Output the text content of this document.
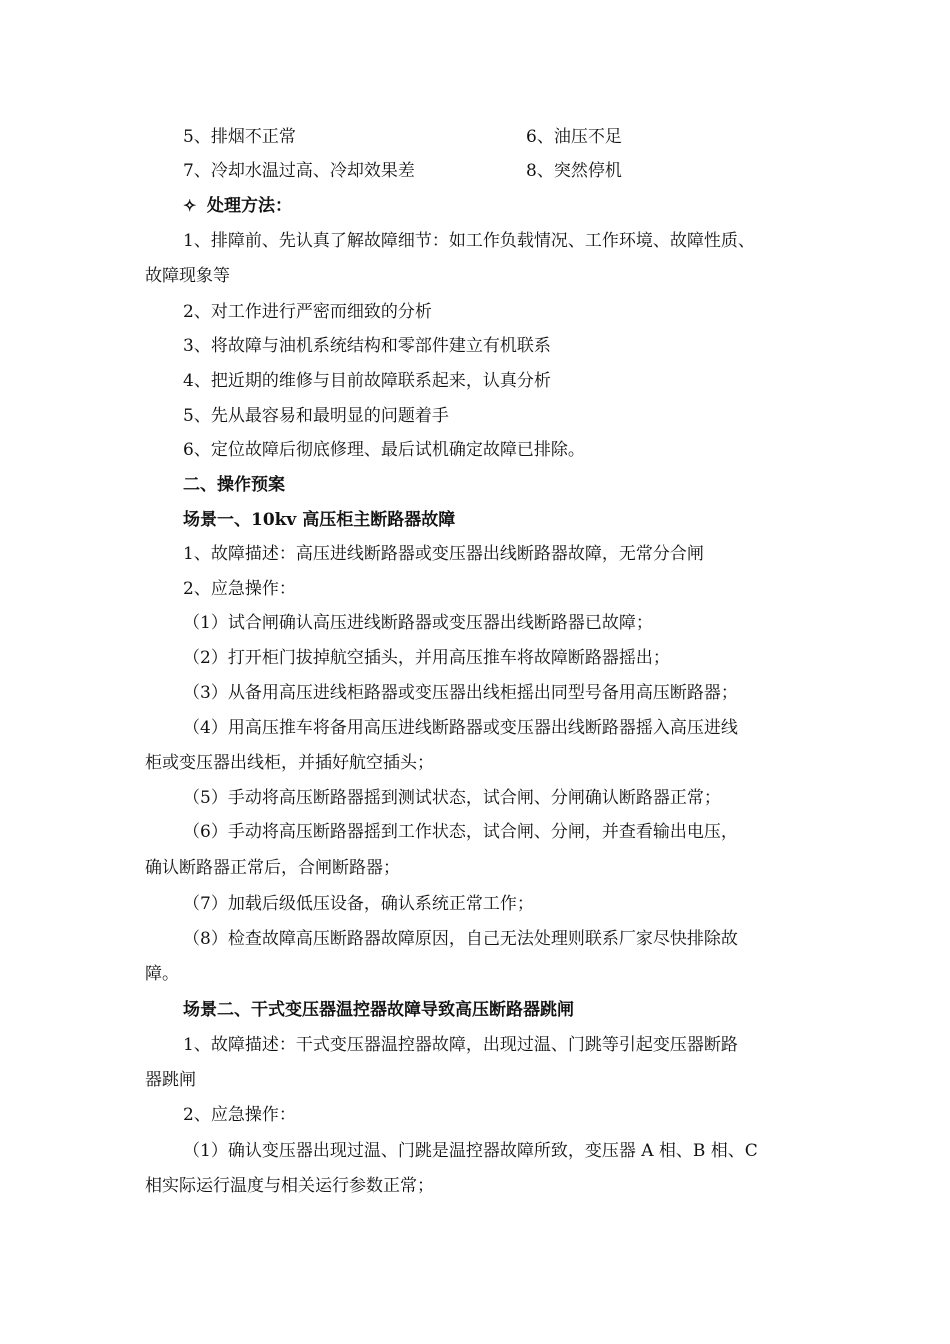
5、排烟不正常	6、油压不足
7、冷却水温过高、冷却效果差	8、突然停机
✧ 处理方法：
1、排障前、先认真了解故障细节：如工作负载情况、工作环境、故障性质、
故障现象等
2、对工作进行严密而细致的分析
3、将故障与油机系统结构和零部件建立有机联系
4、把近期的维修与目前故障联系起来，认真分析
5、先从最容易和最明显的问题着手
6、定位故障后彻底修理、最后试机确定故障已排除。
二、操作预案
场景一、10kv 高压柜主断路器故障
1、故障描述：高压进线断路器或变压器出线断路器故障，无常分合闸
2、应急操作：
（1）试合闸确认高压进线断路器或变压器出线断路器已故障；
（2）打开柜门拔掉航空插头，并用高压推车将故障断路器摇出；
（3）从备用高压进线柜路器或变压器出线柜摇出同型号备用高压断路器；
（4）用高压推车将备用高压进线断路器或变压器出线断路器摇入高压进线
柜或变压器出线柜，并插好航空插头；
（5）手动将高压断路器摇到测试状态，试合闸、分闸确认断路器正常；
（6）手动将高压断路器摇到工作状态，试合闸、分闸，并查看输出电压，
确认断路器正常后，合闸断路器；
（7）加载后级低压设备，确认系统正常工作；
（8）检查故障高压断路器故障原因，自己无法处理则联系厂家尽快排除故
障。
场景二、干式变压器温控器故障导致高压断路器跳闸
1、故障描述：干式变压器温控器故障，出现过温、门跳等引起变压器断路
器跳闸
2、应急操作：
（1）确认变压器出现过温、门跳是温控器故障所致，变压器 A 相、B 相、C
相实际运行温度与相关运行参数正常；
